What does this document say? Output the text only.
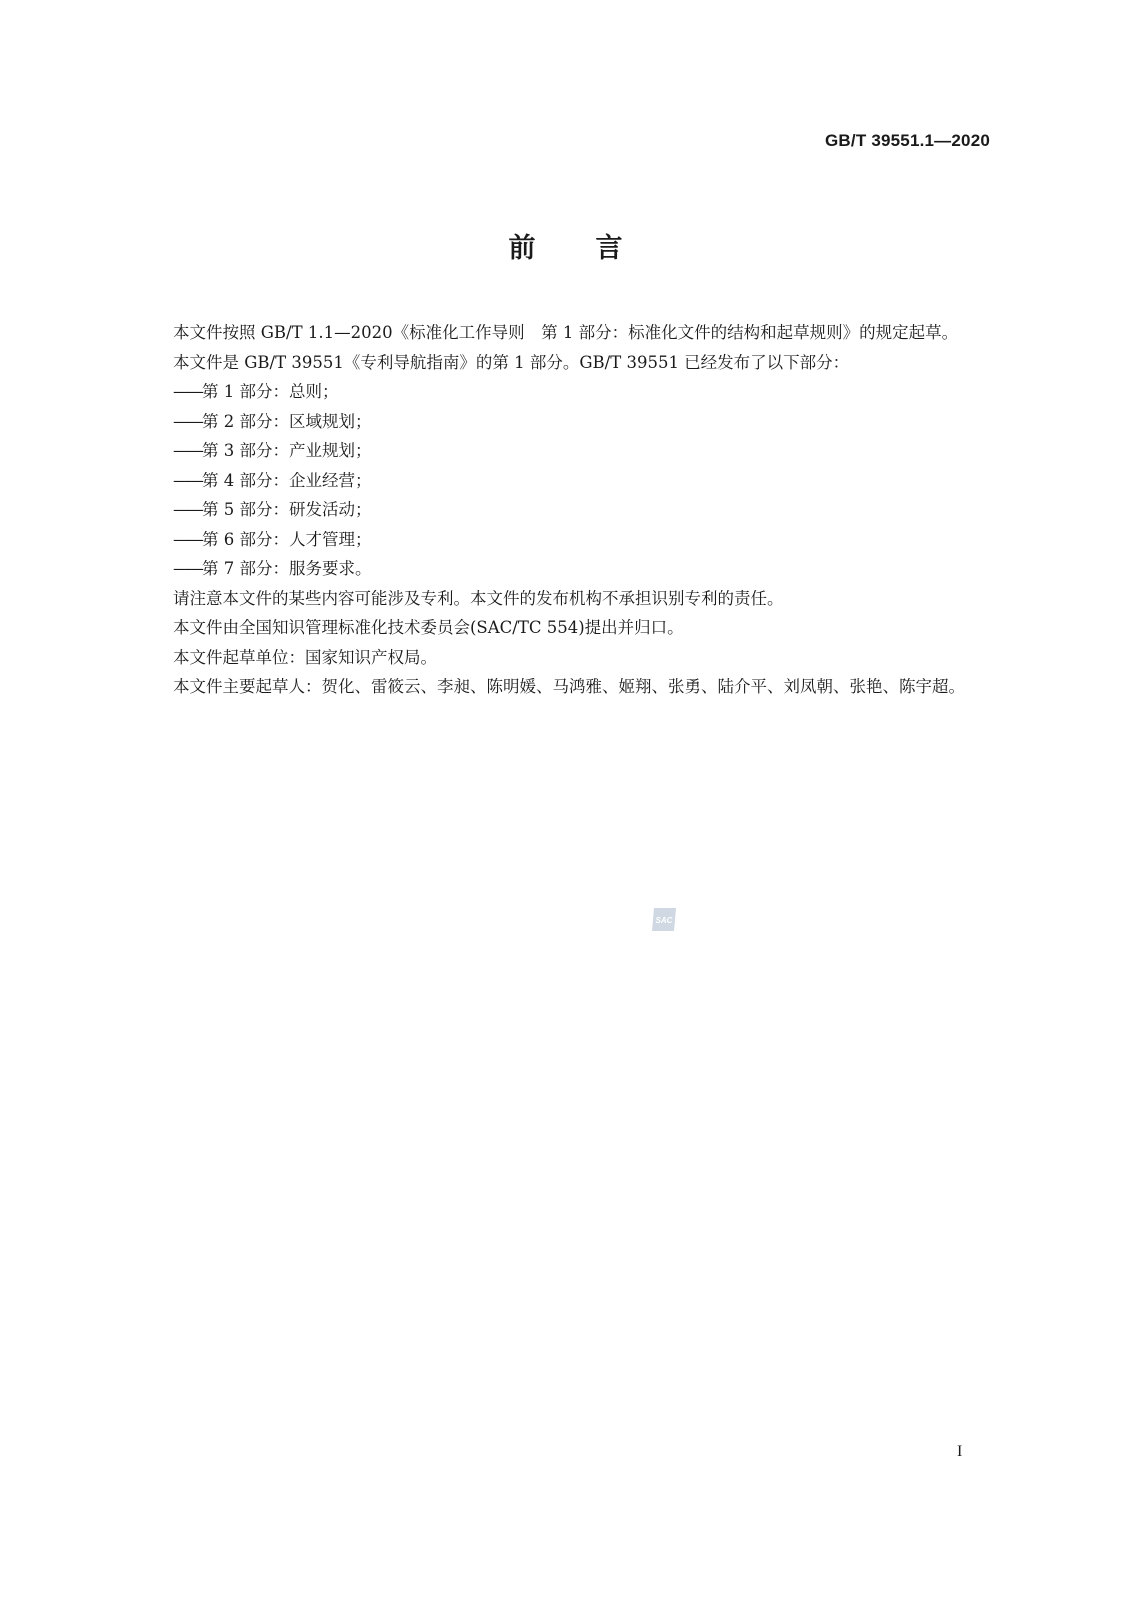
GB/T 39551.1—2020
前言

本文件按照 GB/T 1.1—2020《标准化工作导则　第 1 部分：标准化文件的结构和起草规则》的规定起草。

本文件是 GB/T 39551《专利导航指南》的第 1 部分。GB/T 39551 已经发布了以下部分：

——第 1 部分：总则；
——第 2 部分：区域规划；
——第 3 部分：产业规划；
——第 4 部分：企业经营；
——第 5 部分：研发活动；
——第 6 部分：人才管理；
——第 7 部分：服务要求。

请注意本文件的某些内容可能涉及专利。本文件的发布机构不承担识别专利的责任。

本文件由全国知识管理标准化技术委员会(SAC/TC 554)提出并归口。

本文件起草单位：国家知识产权局。

本文件主要起草人：贺化、雷筱云、李昶、陈明媛、马鸿雅、姬翔、张勇、陆介平、刘凤朝、张艳、陈宇超。

SAC
I
